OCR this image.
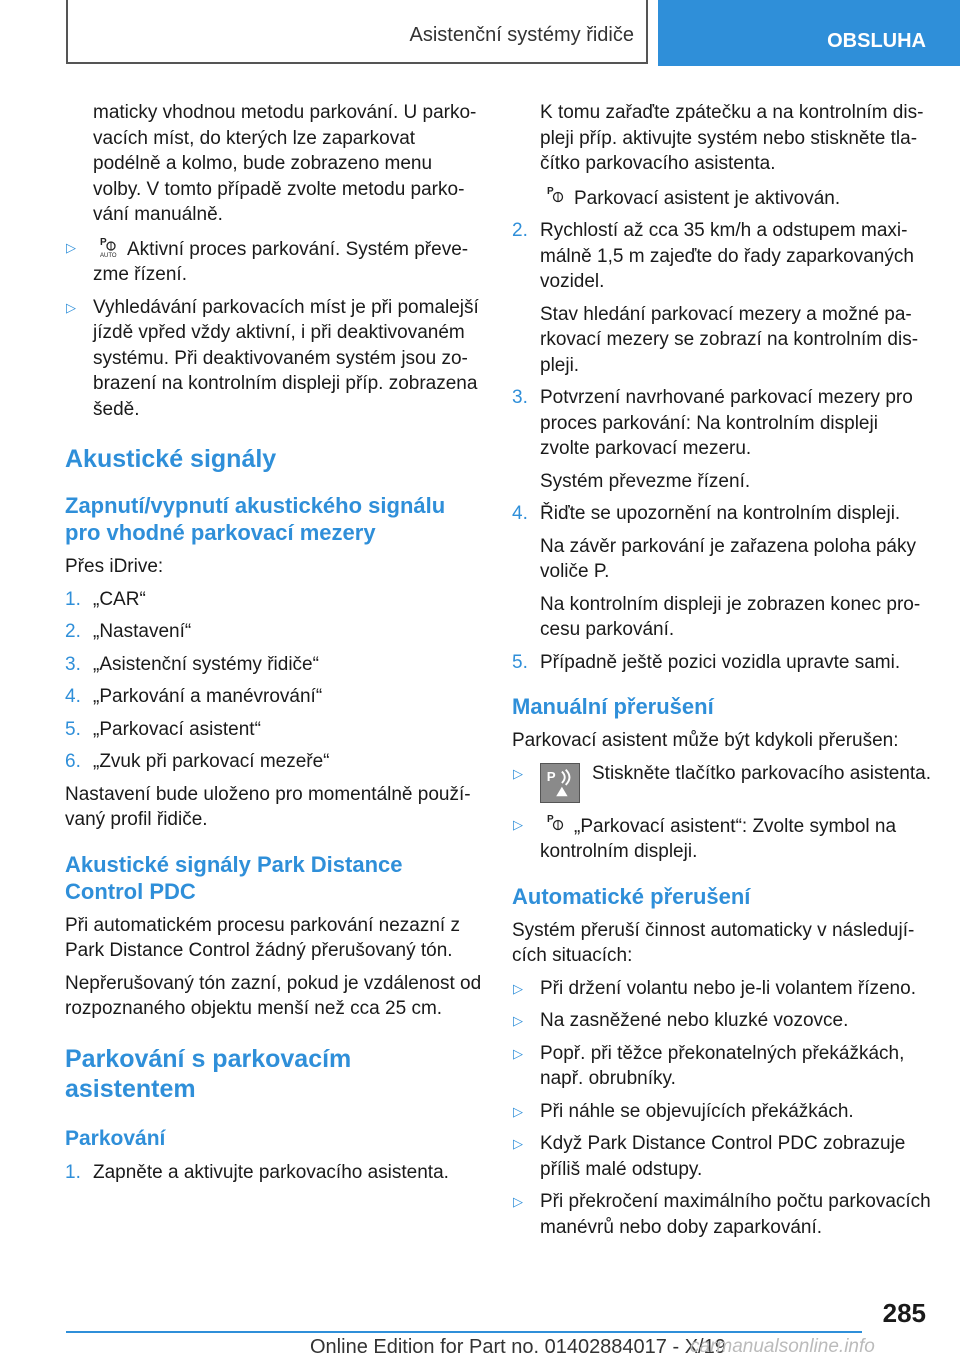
Asistenční systémy řidiče	OBSLUHA

maticky vhodnou metodu parkování. U parkovacích míst, do kterých lze zaparkovat podélně a kolmo, bude zobrazeno menu volby. V tomto případě zvolte metodu parkování manuálně.

▷ P
AUTO Aktivní proces parkování. Systém převezme řízení.
▷ Vyhledávání parkovacích míst je při pomalejší jízdě vpřed vždy aktivní, i při deaktivovaném systému. Při deaktivovaném systém jsou zobrazení na kontrolním displeji příp. zobrazena šedě.
Akustické signály
Zapnutí/vypnutí akustického signálu pro vhodné parkovací mezery

Přes iDrive:

1. „CAR“
2. „Nastavení“
3. „Asistenční systémy řidiče“
4. „Parkování a manévrování“
5. „Parkovací asistent“
6. „Zvuk při parkovací mezeře“

Nastavení bude uloženo pro momentálně používaný profil řidiče.

Akustické signály Park Distance Control PDC

Při automatickém procesu parkování nezazní z Park Distance Control žádný přerušovaný tón.

Nepřerušovaný tón zazní, pokud je vzdálenost od rozpoznaného objektu menší než cca 25 cm.

Parkování s parkovacím asistentem
Parkování
1. Zapněte a aktivujte parkovacího asistenta.

K tomu zařaďte zpátečku a na kontrolním displeji příp. aktivujte systém nebo stiskněte tlačítko parkovacího asistenta.

P Parkovací asistent je aktivován.

2. Rychlostí až cca 35 km/h a odstupem maximálně 1,5 m zajeďte do řady zaparkovaných vozidel.

Stav hledání parkovací mezery a možné parkovací mezery se zobrazí na kontrolním displeji.

3. Potvrzení navrhované parkovací mezery pro proces parkování: Na kontrolním displeji zvolte parkovací mezeru.

Systém převezme řízení.

4. Řiďte se upozornění na kontrolním displeji.

Na závěr parkování je zařazena poloha páky voliče P.

Na kontrolním displeji je zobrazen konec procesu parkování.

5. Případně ještě pozici vozidla upravte sami.
Manuální přerušení

Parkovací asistent může být kdykoli přerušen:

▷ P Stiskněte tlačítko parkovacího asistenta.
▷ P „Parkovací asistent“: Zvolte symbol na kontrolním displeji.
Automatické přerušení

Systém přeruší činnost automaticky v následujících situacích:

▷ Při držení volantu nebo je-li volantem řízeno.
▷ Na zasněžené nebo kluzké vozovce.
▷ Popř. při těžce překonatelných překážkách, např. obrubníky.
▷ Při náhle se objevujících překážkách.
▷ Když Park Distance Control PDC zobrazuje příliš malé odstupy.
▷ Při překročení maximálního počtu parkovacích manévrů nebo doby zaparkování.
285
Online Edition for Part no. 01402884017 - X/19
carmanualsonline.info
